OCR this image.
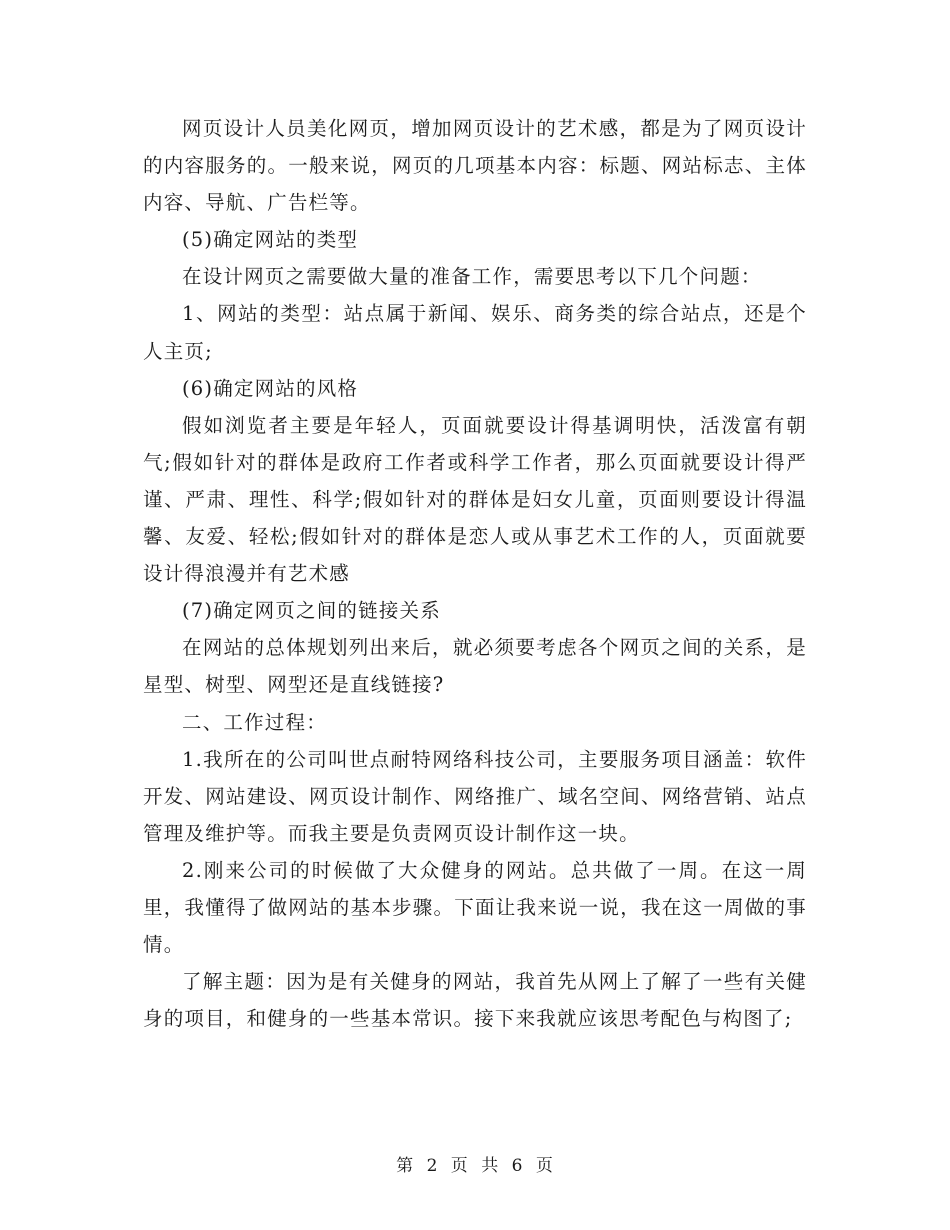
网页设计人员美化网页，增加网页设计的艺术感，都是为了网页设计的内容服务的。一般来说，网页的几项基本内容：标题、网站标志、主体内容、导航、广告栏等。

(5)确定网站的类型

在设计网页之需要做大量的准备工作，需要思考以下几个问题：

1、网站的类型：站点属于新闻、娱乐、商务类的综合站点，还是个人主页;

(6)确定网站的风格

假如浏览者主要是年轻人，页面就要设计得基调明快，活泼富有朝气;假如针对的群体是政府工作者或科学工作者，那么页面就要设计得严谨、严肃、理性、科学;假如针对的群体是妇女儿童，页面则要设计得温馨、友爱、轻松;假如针对的群体是恋人或从事艺术工作的人，页面就要设计得浪漫并有艺术感

(7)确定网页之间的链接关系

在网站的总体规划列出来后，就必须要考虑各个网页之间的关系，是星型、树型、网型还是直线链接?

二、工作过程：

1.我所在的公司叫世点耐特网络科技公司，主要服务项目涵盖：软件开发、网站建设、网页设计制作、网络推广、域名空间、网络营销、站点管理及维护等。而我主要是负责网页设计制作这一块。

2.刚来公司的时候做了大众健身的网站。总共做了一周。在这一周里，我懂得了做网站的基本步骤。下面让我来说一说，我在这一周做的事情。

了解主题：因为是有关健身的网站，我首先从网上了解了一些有关健身的项目，和健身的一些基本常识。接下来我就应该思考配色与构图了;

第 2 页 共 6 页
